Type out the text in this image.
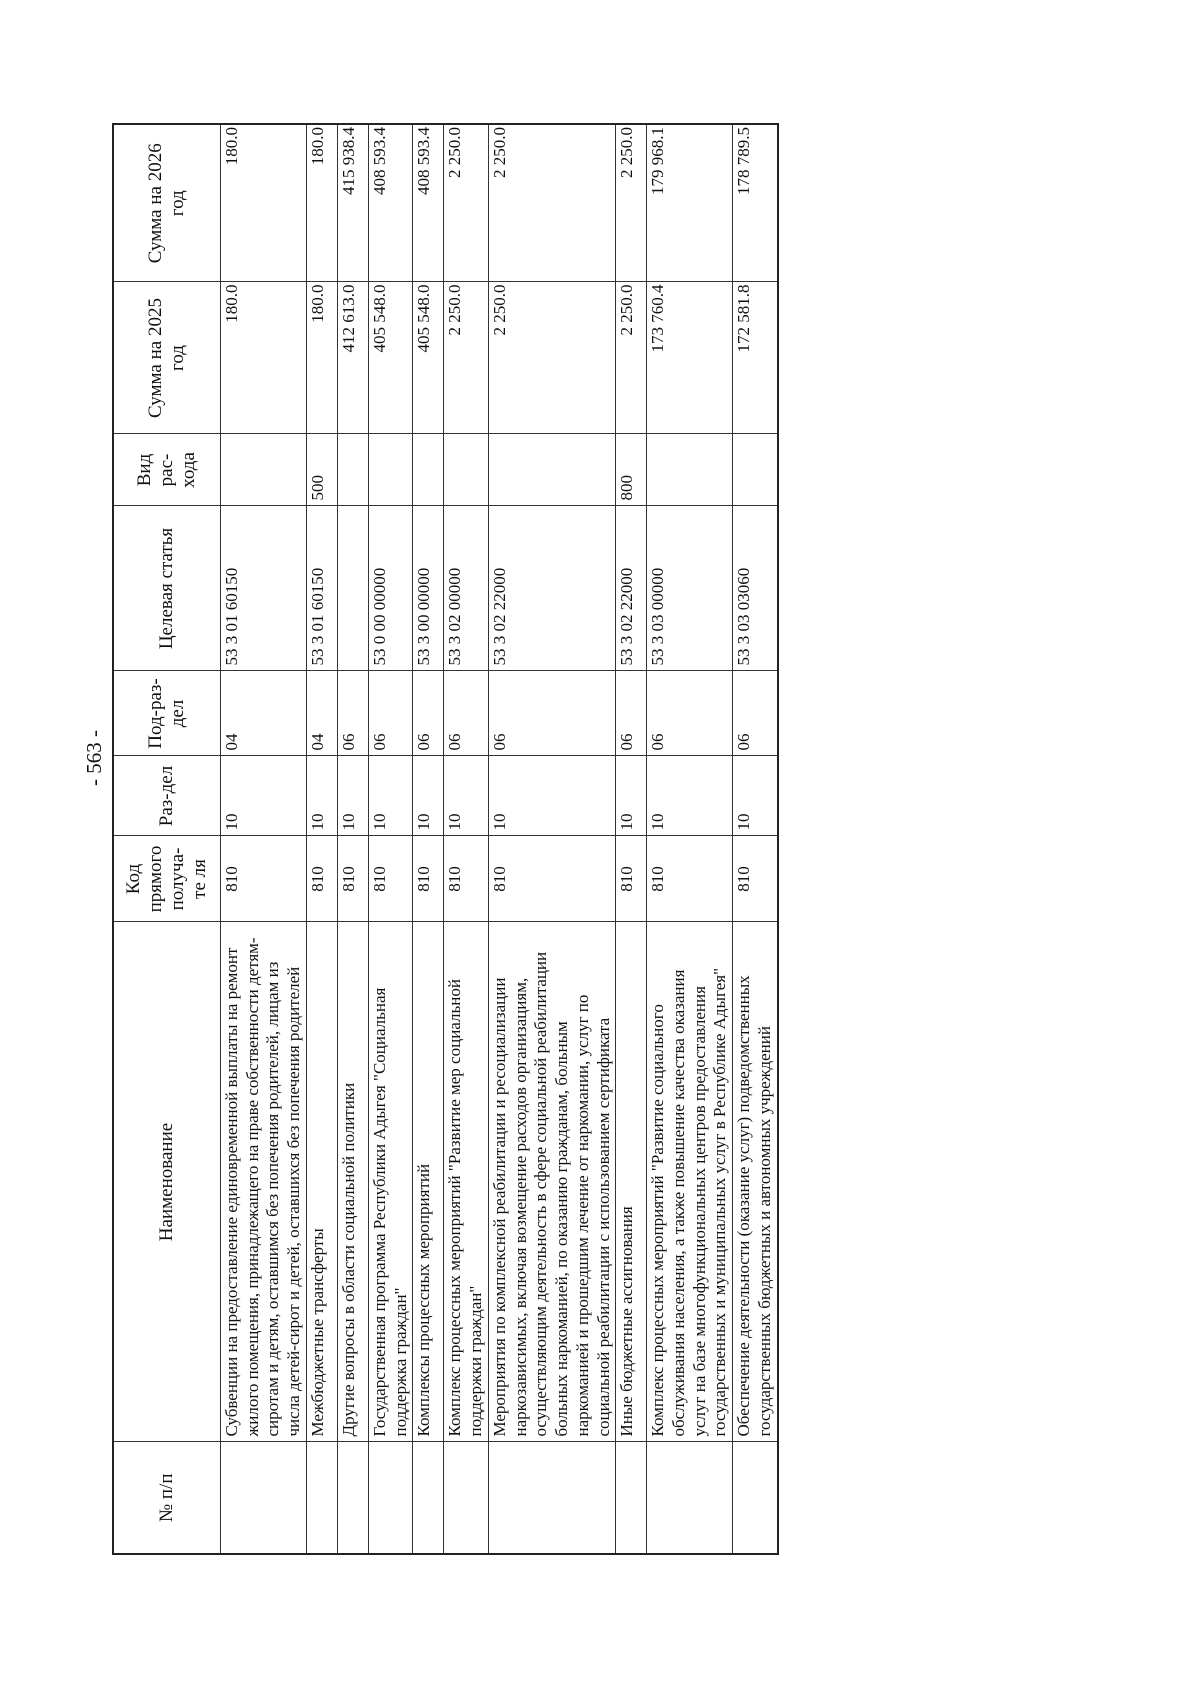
- 563 -
№ п/п	Наименование	Код прямого получа-те ля	Раз-дел	Под-раз-дел	Целевая статья	Вид рас-хода	Сумма на 2025 год	Сумма на 2026 год
	Субвенции на предоставление единовременной выплаты на ремонт жилого помещения, принадлежащего на праве собственности детям-сиротам и детям, оставшимся без попечения родителей, лицам из числа детей-сирот и детей, оставшихся без попечения родителей	810	10	04	53 3 01 60150		180.0	180.0
	Межбюджетные трансферты	810	10	04	53 3 01 60150	500	180.0	180.0
	Другие вопросы в области социальной политики	810	10	06			412 613.0	415 938.4
	Государственная программа Республики Адыгея "Социальная поддержка граждан"	810	10	06	53 0 00 00000		405 548.0	408 593.4
	Комплексы процессных мероприятий	810	10	06	53 3 00 00000		405 548.0	408 593.4
	Комплекс процессных мероприятий "Развитие мер социальной поддержки граждан"	810	10	06	53 3 02 00000		2 250.0	2 250.0
	Мероприятия по комплексной реабилитации и ресоциализации наркозависимых, включая возмещение расходов организациям, осуществляющим деятельность в сфере социальной реабилитации больных наркоманией, по оказанию гражданам, больным наркоманией и прошедшим лечение от наркомании, услуг по социальной реабилитации с использованием сертификата	810	10	06	53 3 02 22000		2 250.0	2 250.0
	Иные бюджетные ассигнования	810	10	06	53 3 02 22000	800	2 250.0	2 250.0
	Комплекс процессных мероприятий "Развитие социального обслуживания населения, а также повышение качества оказания услуг на базе многофункциональных центров предоставления государственных и муниципальных услуг в Республике Адыгея"	810	10	06	53 3 03 00000		173 760.4	179 968.1
	Обеспечение деятельности (оказание услуг) подведомственных государственных бюджетных и автономных учреждений	810	10	06	53 3 03 03060		172 581.8	178 789.5
